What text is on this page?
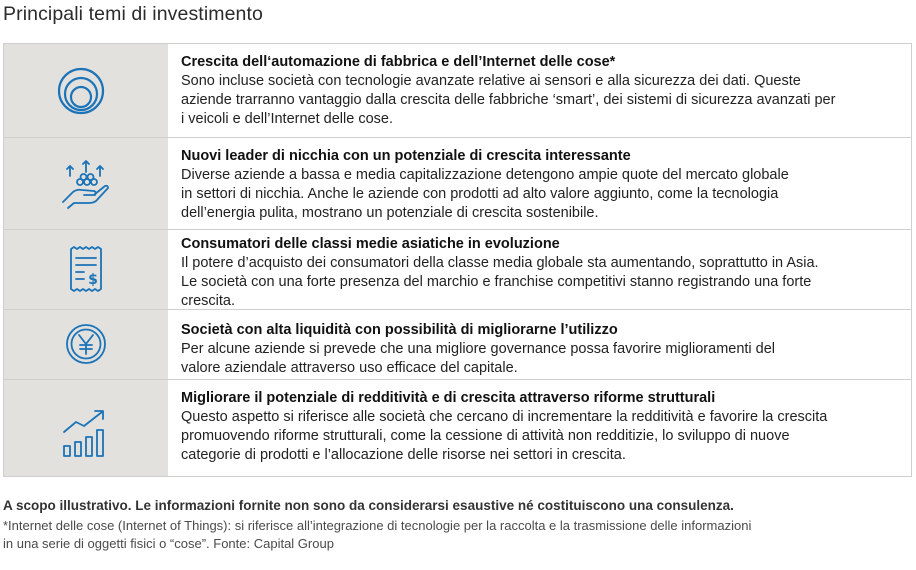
Principali temi di investimento
Crescita dell‘automazione di fabbrica e dell’Internet delle cose*
Sono incluse società con tecnologie avanzate relative ai sensori e alla sicurezza dei dati. Queste
aziende trarranno vantaggio dalla crescita delle fabbriche ‘smart’, dei sistemi di sicurezza avanzati per
i veicoli e dell’Internet delle cose.
Nuovi leader di nicchia con un potenziale di crescita interessante
Diverse aziende a bassa e media capitalizzazione detengono ampie quote del mercato globale
in settori di nicchia. Anche le aziende con prodotti ad alto valore aggiunto, come la tecnologia
dell’energia pulita, mostrano un potenziale di crescita sostenibile.
$
Consumatori delle classi medie asiatiche in evoluzione
Il potere d’acquisto dei consumatori della classe media globale sta aumentando, soprattutto in Asia.
Le società con una forte presenza del marchio e franchise competitivi stanno registrando una forte
crescita.
Società con alta liquidità con possibilità di migliorarne l’utilizzo
Per alcune aziende si prevede che una migliore governance possa favorire miglioramenti del
valore aziendale attraverso uso efficace del capitale.
Migliorare il potenziale di redditività e di crescita attraverso riforme strutturali
Questo aspetto si riferisce alle società che cercano di incrementare la redditività e favorire la crescita
promuovendo riforme strutturali, come la cessione di attività non redditizie, lo sviluppo di nuove
categorie di prodotti e l’allocazione delle risorse nei settori in crescita.
A scopo illustrativo. Le informazioni fornite non sono da considerarsi esaustive né costituiscono una consulenza.
*Internet delle cose (Internet of Things): si riferisce all’integrazione di tecnologie per la raccolta e la trasmissione delle informazioni
in una serie di oggetti fisici o “cose”. Fonte: Capital Group
